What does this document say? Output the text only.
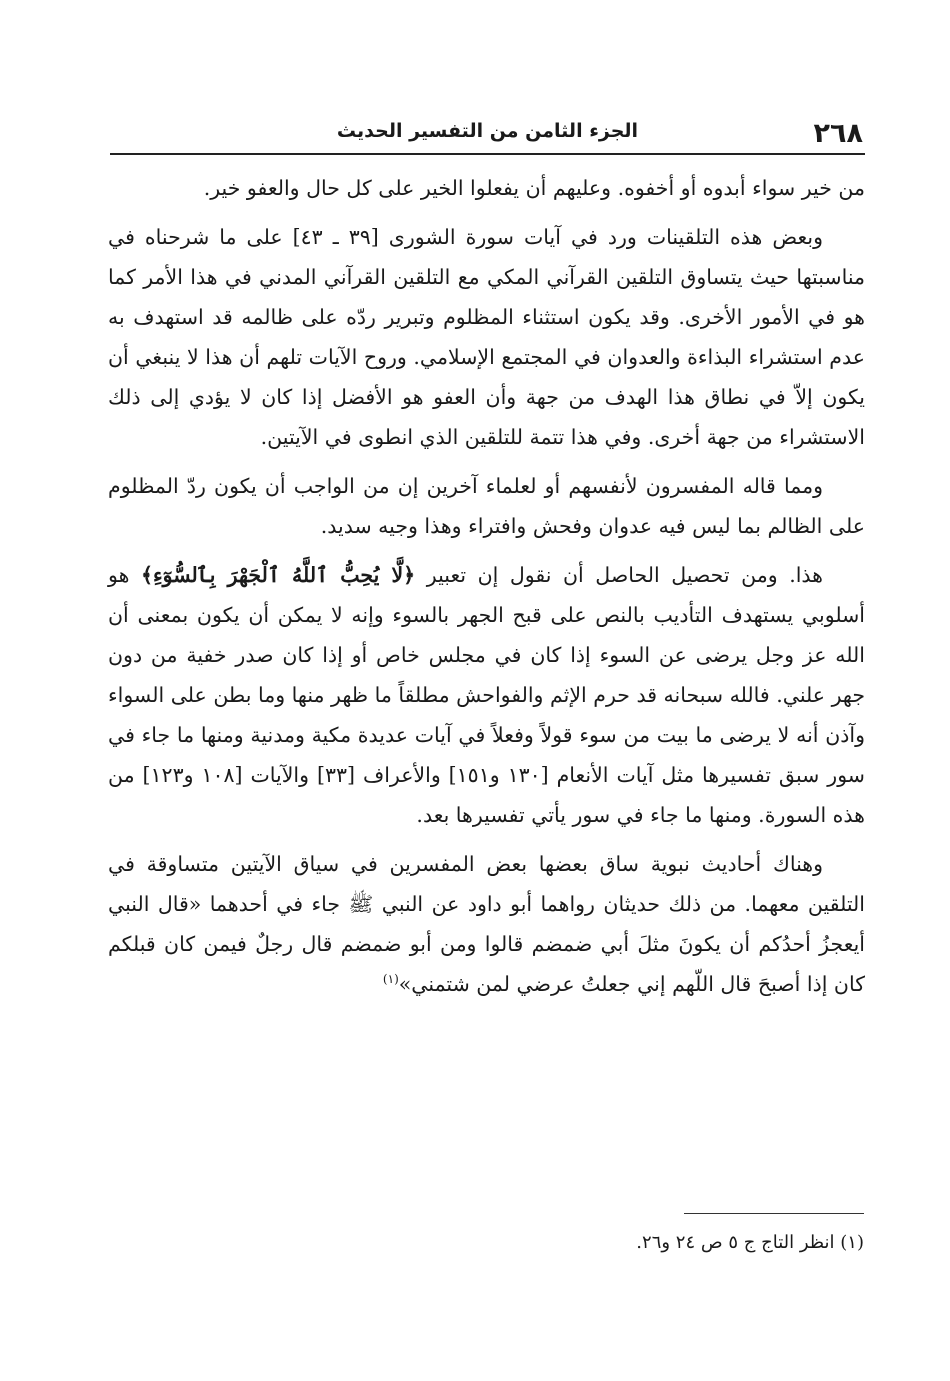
٢٦٨
الجزء الثامن من التفسير الحديث

من خير سواء أبدوه أو أخفوه. وعليهم أن يفعلوا الخير على كل حال والعفو خير.

وبعض هذه التلقينات ورد في آيات سورة الشورى [٣٩ ـ ٤٣] على ما شرحناه في مناسبتها حيث يتساوق التلقين القرآني المكي مع التلقين القرآني المدني في هذا الأمر كما هو في الأمور الأخرى. وقد يكون استثناء المظلوم وتبرير ردّه على ظالمه قد استهدف به عدم استشراء البذاءة والعدوان في المجتمع الإسلامي. وروح الآيات تلهم أن هذا لا ينبغي أن يكون إلاّ في نطاق هذا الهدف من جهة وأن العفو هو الأفضل إذا كان لا يؤدي إلى ذلك الاستشراء من جهة أخرى. وفي هذا تتمة للتلقين الذي انطوى في الآيتين.

ومما قاله المفسرون لأنفسهم أو لعلماء آخرين إن من الواجب أن يكون ردّ المظلوم على الظالم بما ليس فيه عدوان وفحش وافتراء وهذا وجيه سديد.

هذا. ومن تحصيل الحاصل أن نقول إن تعبير ﴿لَّا يُحِبُّ ٱللَّهُ ٱلْجَهْرَ بِٱلسُّوٓءِ﴾ هو أسلوبي يستهدف التأديب بالنص على قبح الجهر بالسوء وإنه لا يمكن أن يكون بمعنى أن الله عز وجل يرضى عن السوء إذا كان في مجلس خاص أو إذا كان صدر خفية من دون جهر علني. فالله سبحانه قد حرم الإثم والفواحش مطلقاً ما ظهر منها وما بطن على السواء وآذن أنه لا يرضى ما بيت من سوء قولاً وفعلاً في آيات عديدة مكية ومدنية ومنها ما جاء في سور سبق تفسيرها مثل آيات الأنعام [١٣٠ و١٥١] والأعراف [٣٣] والآيات [١٠٨ و١٢٣] من هذه السورة. ومنها ما جاء في سور يأتي تفسيرها بعد.

وهناك أحاديث نبوية ساق بعضها بعض المفسرين في سياق الآيتين متساوقة في التلقين معهما. من ذلك حديثان رواهما أبو داود عن النبي ﷺ جاء في أحدهما «قال النبي أيعجزُ أحدُكم أن يكونَ مثلَ أبي ضمضم قالوا ومن أبو ضمضم قال رجلٌ فيمن كان قبلكم كان إذا أصبحَ قال اللّهم إني جعلتُ عرضي لمن شتمني»$^{(١)}$

(١) انظر التاج ج ٥ ص ٢٤ و٢٦.
